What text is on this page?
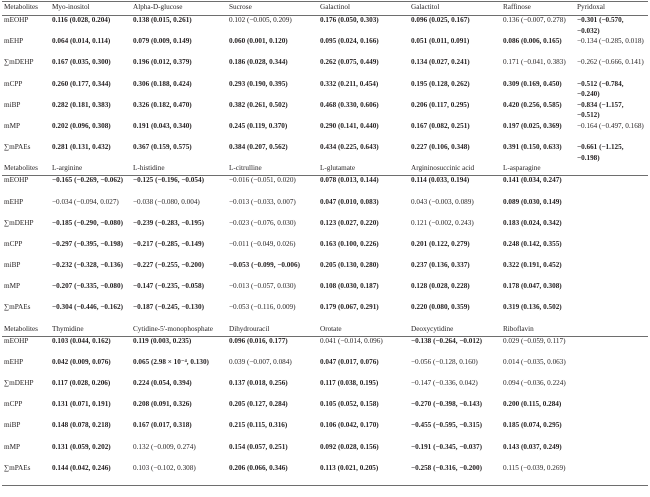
Metabolites	Myo-inositol	Alpha-D-glucose	Sucrose	Galactinol	Galactitol	Raffinose	Pyridoxal
mEOHP	0.116 (0.028, 0.204)	0.138 (0.015, 0.261)	0.102 (−0.005, 0.209)	0.176 (0.050, 0.303)	0.096 (0.025, 0.167)	0.136 (−0.007, 0.278)	−0.301 (−0.570, −0.032)
mEHP	0.064 (0.014, 0.114)	0.079 (0.009, 0.149)	0.060 (0.001, 0.120)	0.095 (0.024, 0.166)	0.051 (0.011, 0.091)	0.086 (0.006, 0.165)	−0.134 (−0.285, 0.018)
∑mDEHP	0.167 (0.035, 0.300)	0.196 (0.012, 0.379)	0.186 (0.028, 0.344)	0.262 (0.075, 0.449)	0.134 (0.027, 0.241)	0.171 (−0.041, 0.383)	−0.262 (−0.666, 0.141)
mCPP	0.260 (0.177, 0.344)	0.306 (0.188, 0.424)	0.293 (0.190, 0.395)	0.332 (0.211, 0.454)	0.195 (0.128, 0.262)	0.309 (0.169, 0.450)	−0.512 (−0.784, −0.240)
miBP	0.282 (0.181, 0.383)	0.326 (0.182, 0.470)	0.382 (0.261, 0.502)	0.468 (0.330, 0.606)	0.206 (0.117, 0.295)	0.420 (0.256, 0.585)	−0.834 (−1.157, −0.512)
mMP	0.202 (0.096, 0.308)	0.191 (0.043, 0.340)	0.245 (0.119, 0.370)	0.290 (0.141, 0.440)	0.167 (0.082, 0.251)	0.197 (0.025, 0.369)	−0.164 (−0.497, 0.168)
∑mPAEs	0.281 (0.131, 0.432)	0.367 (0.159, 0.575)	0.384 (0.207, 0.562)	0.434 (0.225, 0.643)	0.227 (0.106, 0.348)	0.391 (0.150, 0.633)	−0.661 (−1.125, −0.198)
Metabolites	L-arginine	L-histidine	L-citrulline	L-glutamate	Argininosuccinic acid	L-asparagine
mEOHP	−0.165 (−0.269, −0.062)	−0.125 (−0.196, −0.054)	−0.016 (−0.051, 0.020)	0.078 (0.013, 0.144)	0.114 (0.033, 0.194)	0.141 (0.034, 0.247)
mEHP	−0.034 (−0.094, 0.027)	−0.038 (−0.080, 0.004)	−0.013 (−0.033, 0.007)	0.047 (0.010, 0.083)	0.043 (−0.003, 0.089)	0.089 (0.030, 0.149)
∑mDEHP	−0.185 (−0.290, −0.080)	−0.239 (−0.283, −0.195)	−0.023 (−0.076, 0.030)	0.123 (0.027, 0.220)	0.121 (−0.002, 0.243)	0.183 (0.024, 0.342)
mCPP	−0.297 (−0.395, −0.198)	−0.217 (−0.285, −0.149)	−0.011 (−0.049, 0.026)	0.163 (0.100, 0.226)	0.201 (0.122, 0.279)	0.248 (0.142, 0.355)
miBP	−0.232 (−0.328, −0.136)	−0.227 (−0.255, −0.200)	−0.053 (−0.099, −0.006)	0.205 (0.130, 0.280)	0.237 (0.136, 0.337)	0.322 (0.191, 0.452)
mMP	−0.207 (−0.335, −0.080)	−0.147 (−0.235, −0.058)	−0.013 (−0.057, 0.030)	0.108 (0.030, 0.187)	0.128 (0.028, 0.228)	0.178 (0.047, 0.308)
∑mPAEs	−0.304 (−0.446, −0.162)	−0.187 (−0.245, −0.130)	−0.053 (−0.116, 0.009)	0.179 (0.067, 0.291)	0.220 (0.080, 0.359)	0.319 (0.136, 0.502)
Metabolites	Thymidine	Cytidine-5'-monophosphate	Dihydrouracil	Orotate	Deoxycytidine	Riboflavin
mEOHP	0.103 (0.044, 0.162)	0.119 (0.003, 0.235)	0.096 (0.016, 0.177)	0.041 (−0.014, 0.096)	−0.138 (−0.264, −0.012)	0.029 (−0.059, 0.117)
mEHP	0.042 (0.009, 0.076)	0.065 (2.98 × 10⁻⁴, 0.130)	0.039 (−0.007, 0.084)	0.047 (0.017, 0.076)	−0.056 (−0.128, 0.160)	0.014 (−0.035, 0.063)
∑mDEHP	0.117 (0.028, 0.206)	0.224 (0.054, 0.394)	0.137 (0.018, 0.256)	0.117 (0.038, 0.195)	−0.147 (−0.336, 0.042)	0.094 (−0.036, 0.224)
mCPP	0.131 (0.071, 0.191)	0.208 (0.091, 0.326)	0.205 (0.127, 0.284)	0.105 (0.052, 0.158)	−0.270 (−0.398, −0.143)	0.200 (0.115, 0.284)
miBP	0.148 (0.078, 0.218)	0.167 (0.017, 0.318)	0.215 (0.115, 0.316)	0.106 (0.042, 0.170)	−0.455 (−0.595, −0.315)	0.185 (0.074, 0.295)
mMP	0.131 (0.059, 0.202)	0.132 (−0.009, 0.274)	0.154 (0.057, 0.251)	0.092 (0.028, 0.156)	−0.191 (−0.345, −0.037)	0.143 (0.037, 0.249)
∑mPAEs	0.144 (0.042, 0.246)	0.103 (−0.102, 0.308)	0.206 (0.066, 0.346)	0.113 (0.021, 0.205)	−0.258 (−0.316, −0.200)	0.115 (−0.039, 0.269)
